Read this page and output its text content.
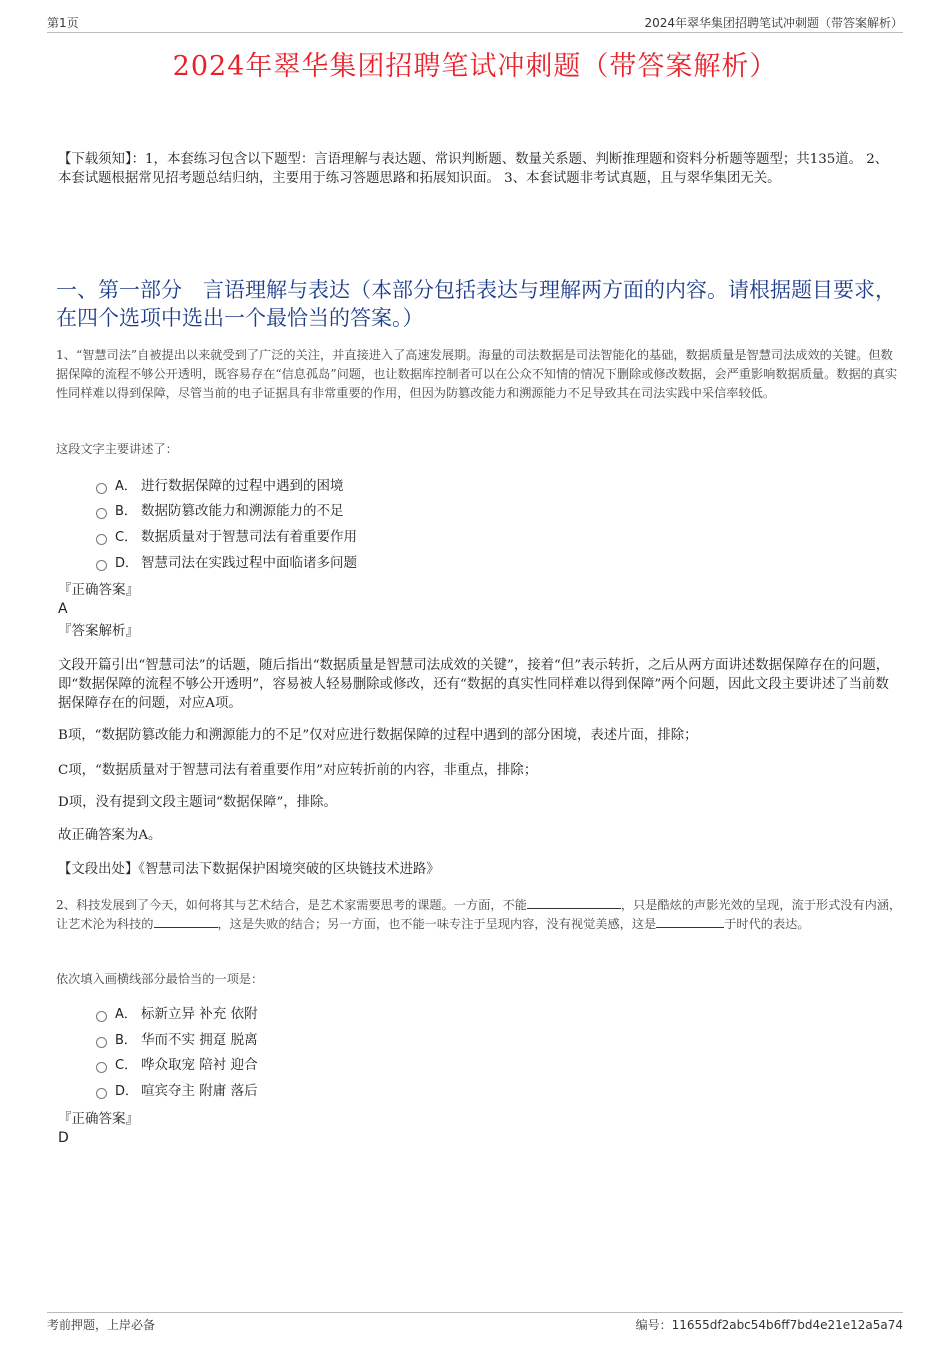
第1页	2024年翠华集团招聘笔试冲刺题（带答案解析）
2024年翠华集团招聘笔试冲刺题（带答案解析）
【下载须知】：1，本套练习包含以下题型：言语理解与表达题、常识判断题、数量关系题、判断推理题和资料分析题等题型；共135道。 2、本套试题根据常见招考题总结归纳，主要用于练习答题思路和拓展知识面。 3、本套试题非考试真题，且与翠华集团无关。
一、第一部分　言语理解与表达（本部分包括表达与理解两方面的内容。请根据题目要求，在四个选项中选出一个最恰当的答案。）
1、“智慧司法”自被提出以来就受到了广泛的关注，并直接进入了高速发展期。海量的司法数据是司法智能化的基础，数据质量是智慧司法成效的关键。但数据保障的流程不够公开透明，既容易存在“信息孤岛”问题，也让数据库控制者可以在公众不知情的情况下删除或修改数据，会严重影响数据质量。数据的真实性同样难以得到保障，尽管当前的电子证据具有非常重要的作用，但因为防篡改能力和溯源能力不足导致其在司法实践中采信率较低。
这段文字主要讲述了：
A． 进行数据保障的过程中遇到的困境
B． 数据防篡改能力和溯源能力的不足
C． 数据质量对于智慧司法有着重要作用
D． 智慧司法在实践过程中面临诸多问题
『正确答案』
A
『答案解析』
文段开篇引出“智慧司法”的话题，随后指出“数据质量是智慧司法成效的关键”，接着“但”表示转折，之后从两方面讲述数据保障存在的问题，即“数据保障的流程不够公开透明”，容易被人轻易删除或修改，还有“数据的真实性同样难以得到保障”两个问题，因此文段主要讲述了当前数据保障存在的问题，对应A项。
B项，“数据防篡改能力和溯源能力的不足”仅对应进行数据保障的过程中遇到的部分困境，表述片面，排除；
C项，“数据质量对于智慧司法有着重要作用”对应转折前的内容，非重点，排除；
D项，没有提到文段主题词“数据保障”，排除。
故正确答案为A。
【文段出处】《智慧司法下数据保护困境突破的区块链技术进路》
2、科技发展到了今天，如何将其与艺术结合，是艺术家需要思考的课题。一方面，不能	，只是酷炫的声影光效的呈现，流于形式没有内涵，让艺术沦为科技的	，这是失败的结合；另一方面，也不能一味专注于呈现内容，没有视觉美感，这是	于时代的表达。
依次填入画横线部分最恰当的一项是：
A． 标新立异 补充 依附
B． 华而不实 拥趸 脱离
C． 哗众取宠 陪衬 迎合
D． 喧宾夺主 附庸 落后
『正确答案』
D
考前押题，上岸必备	编号：11655df2abc54b6ff7bd4e21e12a5a74
